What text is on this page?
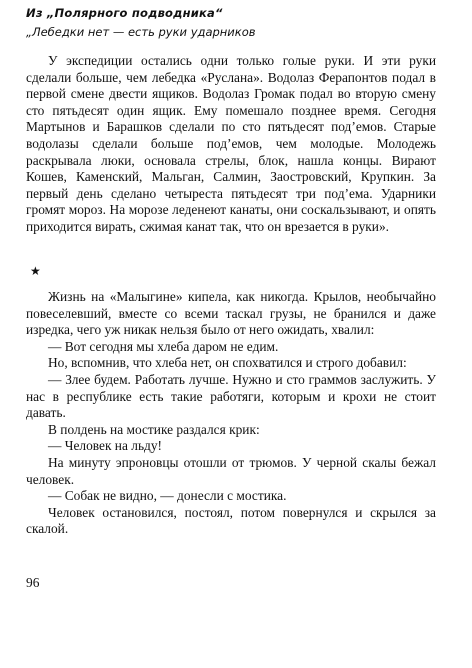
Из „Полярного подводника“
„Лебедки нет — есть руки ударников

У экспедиции остались одни только голые руки. И эти руки сделали больше, чем лебедка «Руслана». Водолаз Ферапонтов подал в первой смене двести ящиков. Водолаз Громак подал во вторую смену сто пятьдесят один ящик. Ему помешало позднее время. Сегодня Мартынов и Барашков сделали по сто пятьдесят под’емов. Старые водолазы сделали больше под’емов, чем молодые. Молодежь раскрывала люки, основала стрелы, блок, нашла концы. Вирают Кошев, Каменский, Мальган, Салмин, Заостровский, Крупкин. За первый день сделано четыреста пятьдесят три под’ема. Ударники громят мороз. На морозе леденеют канаты, они соскальзывают, и опять приходится вирать, сжимая канат так, что он врезается в руки».

★

Жизнь на «Малыгине» кипела, как никогда. Крылов, необычайно повеселевший, вместе со всеми таскал грузы, не бранился и даже изредка, чего уж никак нельзя было от него ожидать, хвалил:

— Вот сегодня мы хлеба даром не едим.

Но, вспомнив, что хлеба нет, он спохватился и строго добавил:

— Злее будем. Работать лучше. Нужно и сто граммов заслужить. У нас в республике есть такие работяги, которым и крохи не стоит давать.

В полдень на мостике раздался крик:

— Человек на льду!

На минуту эпроновцы отошли от трюмов. У черной скалы бежал человек.

— Собак не видно, — донесли с мостика.

Человек остановился, постоял, потом повернулся и скрылся за скалой.

96
